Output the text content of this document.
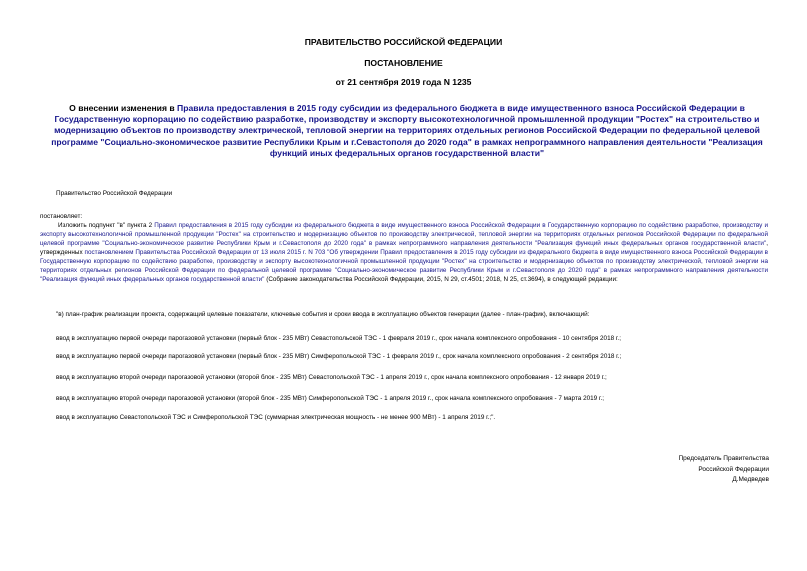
ПРАВИТЕЛЬСТВО РОССИЙСКОЙ ФЕДЕРАЦИИ

ПОСТАНОВЛЕНИЕ

от 21 сентября 2019 года N 1235

О внесении изменения в Правила предоставления в 2015 году субсидии из федерального бюджета в виде имущественного взноса Российской Федерации в Государственную корпорацию по содействию разработке, производству и экспорту высокотехнологичной промышленной продукции "Ростех" на строительство и модернизацию объектов по производству электрической, тепловой энергии на территориях отдельных регионов Российской Федерации по федеральной целевой программе "Социально-экономическое развитие Республики Крым и г.Севастополя до 2020 года" в рамках непрограммного направления деятельности "Реализация функций иных федеральных органов государственной власти"

Правительство Российской Федерации

постановляет:

Изложить подпункт "в" пункта 2 Правил предоставления в 2015 году субсидии из федерального бюджета в виде имущественного взноса Российской Федерации в Государственную корпорацию по содействию разработке, производству и экспорту высокотехнологичной промышленной продукции "Ростех" на строительство и модернизацию объектов по производству электрической, тепловой энергии на территориях отдельных регионов Российской Федерации по федеральной целевой программе "Социально-экономическое развитие Республики Крым и г.Севастополя до 2020 года" в рамках непрограммного направления деятельности "Реализация функций иных федеральных органов государственной власти", утвержденных постановлением Правительства Российской Федерации от 13 июля 2015 г. N 703 "Об утверждении Правил предоставления в 2015 году субсидии из федерального бюджета в виде имущественного взноса Российской Федерации в Государственную корпорацию по содействию разработке, производству и экспорту высокотехнологичной промышленной продукции "Ростех" на строительство и модернизацию объектов по производству электрической, тепловой энергии на территориях отдельных регионов Российской Федерации по федеральной целевой программе "Социально-экономическое развитие Республики Крым и г.Севастополя до 2020 года" в рамках непрограммного направления деятельности "Реализация функций иных федеральных органов государственной власти" (Собрание законодательства Российской Федерации, 2015, N 29, ст.4501; 2018, N 25, ст.3694), в следующей редакции:

"в) план-график реализации проекта, содержащий целевые показатели, ключевые события и сроки ввода в эксплуатацию объектов генерации (далее - план-график), включающий:

ввод в эксплуатацию первой очереди парогазовой установки (первый блок - 235 МВт) Севастопольской ТЭС - 1 февраля 2019 г., срок начала комплексного опробования - 10 сентября 2018 г.;

ввод в эксплуатацию первой очереди парогазовой установки (первый блок - 235 МВт) Симферопольской ТЭС - 1 февраля 2019 г., срок начала комплексного опробования - 2 сентября 2018 г.;

ввод в эксплуатацию второй очереди парогазовой установки (второй блок - 235 МВт) Севастопольской ТЭС - 1 апреля 2019 г., срок начала комплексного опробования - 12 января 2019 г.;

ввод в эксплуатацию второй очереди парогазовой установки (второй блок - 235 МВт) Симферопольской ТЭС - 1 апреля 2019 г., срок начала комплексного опробования - 7 марта 2019 г.;

ввод в эксплуатацию Севастопольской ТЭС и Симферопольской ТЭС (суммарная электрическая мощность - не менее 900 МВт) - 1 апреля 2019 г.;".

Председатель Правительства
Российской Федерации
Д.Медведев
